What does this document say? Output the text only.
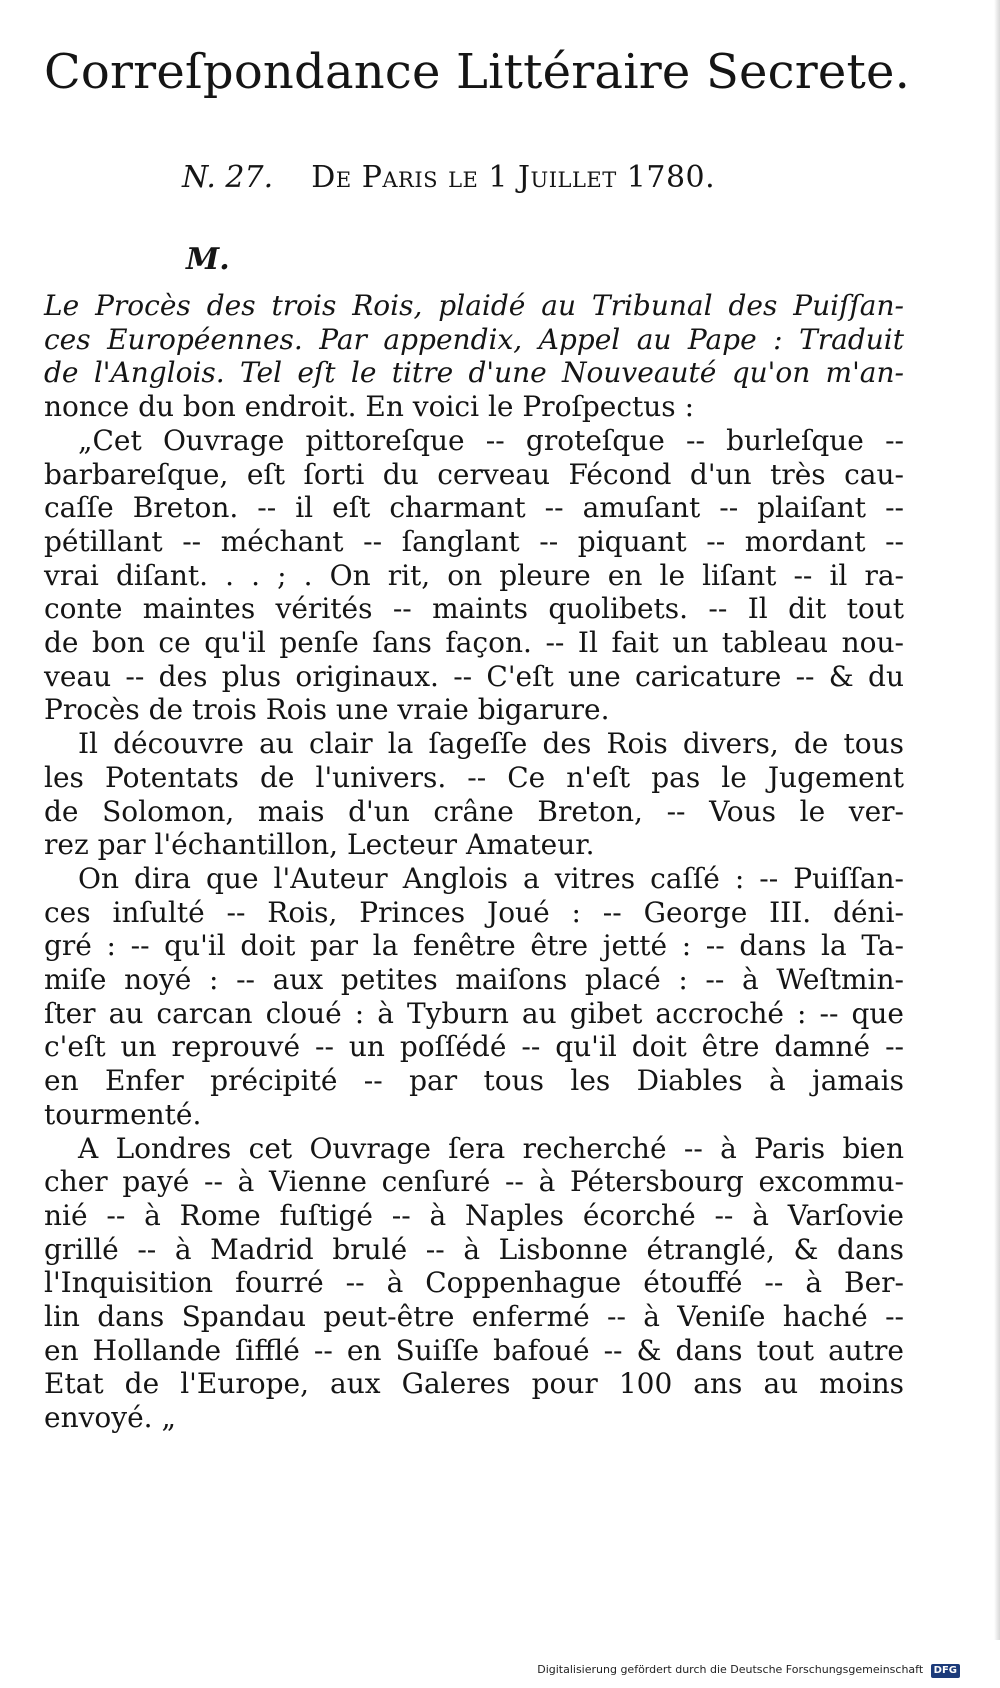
Correſpondance Littéraire Secrete.
N. 27. De Paris le 1 Juillet 1780.
M.
Le Procès des trois Rois, plaidé au Tribunal des Puiſſan-
ces Européennes. Par appendix, Appel au Pape : Traduit
de l'Anglois. Tel eſt le titre d'une Nouveauté qu'on m'an-
nonce du bon endroit. En voici le Proſpectus :
„Cet Ouvrage pittoreſque -- groteſque -- burleſque --
barbareſque, eſt ſorti du cerveau Fécond d'un très cau-
caſſe Breton. -- il eſt charmant -- amuſant -- plaiſant --
pétillant -- méchant -- ſanglant -- piquant -- mordant --
vrai diſant. . . ; . On rit, on pleure en le liſant -- il ra-
conte maintes vérités -- maints quolibets. -- Il dit tout
de bon ce qu'il penſe ſans façon. -- Il fait un tableau nou-
veau -- des plus originaux. -- C'eſt une caricature -- & du
Procès de trois Rois une vraie bigarure.
Il découvre au clair la ſageſſe des Rois divers, de tous
les Potentats de l'univers. -- Ce n'eſt pas le Jugement
de Solomon, mais d'un crâne Breton, -- Vous le ver-
rez par l'échantillon, Lecteur Amateur.
On dira que l'Auteur Anglois a vitres caſſé : -- Puiſſan-
ces inſulté -- Rois, Princes Joué : -- George III. déni-
gré : -- qu'il doit par la fenêtre être jetté : -- dans la Ta-
miſe noyé : -- aux petites maiſons placé : -- à Weſtmin-
ſter au carcan cloué : à Tyburn au gibet accroché : -- que
c'eſt un reprouvé -- un poſſédé -- qu'il doit être damné --
en Enfer précipité -- par tous les Diables à jamais
tourmenté.
A Londres cet Ouvrage ſera recherché -- à Paris bien
cher payé -- à Vienne cenſuré -- à Pétersbourg excommu-
nié -- à Rome fuſtigé -- à Naples écorché -- à Varſovie
grillé -- à Madrid brulé -- à Lisbonne étranglé, & dans
l'Inquisition fourré -- à Coppenhague étouffé -- à Ber-
lin dans Spandau peut-être enfermé -- à Veniſe haché --
en Hollande ſifflé -- en Suiſſe bafoué -- & dans tout autre
Etat de l'Europe, aux Galeres pour 100 ans au moins
envoyé. „
Digitalisierung gefördert durch die Deutsche Forschungsgemeinschaft DFG
